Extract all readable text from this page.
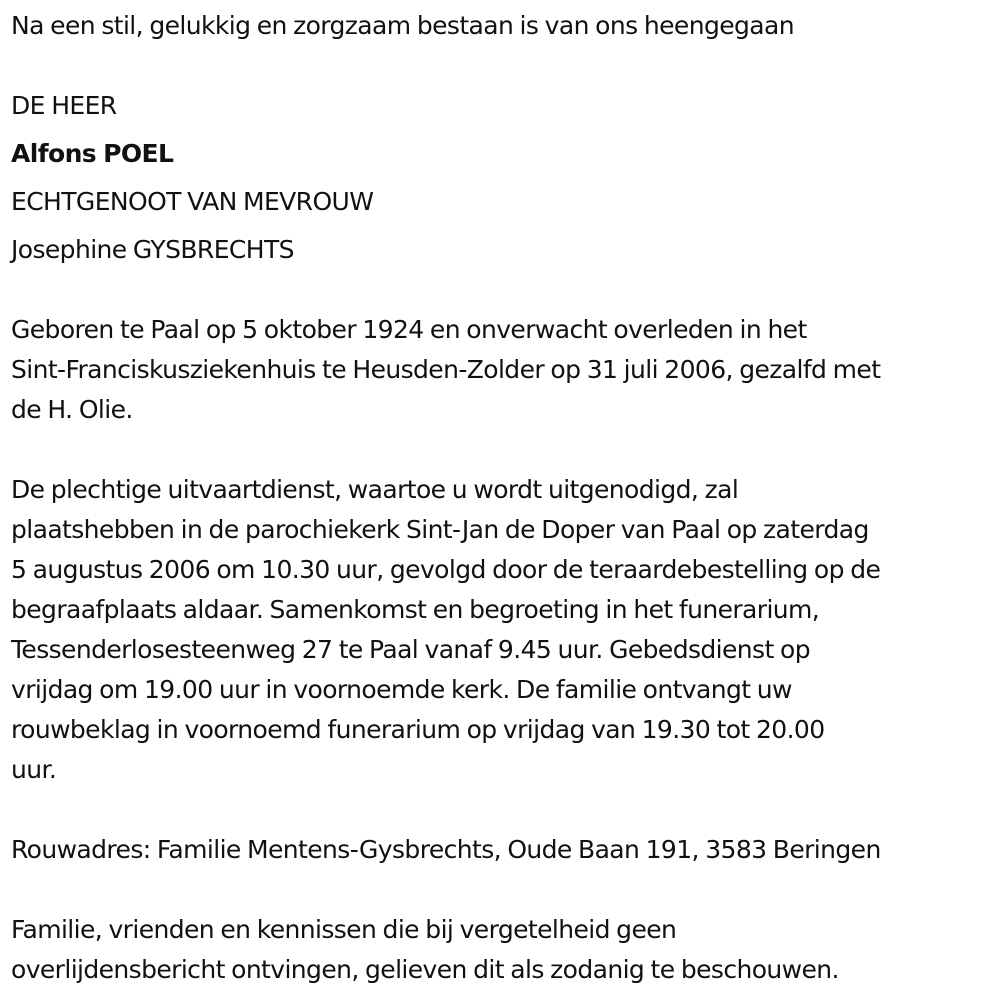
Na een stil, gelukkig en zorgzaam bestaan is van ons heengegaan
DE HEER
Alfons POEL
ECHTGENOOT VAN MEVROUW
Josephine GYSBRECHTS
Geboren te Paal op 5 oktober 1924 en onverwacht overleden in het
Sint-Franciskusziekenhuis te Heusden-Zolder op 31 juli 2006, gezalfd met
de H. Olie.
De plechtige uitvaartdienst, waartoe u wordt uitgenodigd, zal
plaatshebben in de parochiekerk Sint-Jan de Doper van Paal op zaterdag
5 augustus 2006 om 10.30 uur, gevolgd door de teraardebestelling op de
begraafplaats aldaar. Samenkomst en begroeting in het funerarium,
Tessenderlosesteenweg 27 te Paal vanaf 9.45 uur. Gebedsdienst op
vrijdag om 19.00 uur in voornoemde kerk. De familie ontvangt uw
rouwbeklag in voornoemd funerarium op vrijdag van 19.30 tot 20.00
uur.
Rouwadres: Familie Mentens-Gysbrechts, Oude Baan 191, 3583 Beringen
Familie, vrienden en kennissen die bij vergetelheid geen
overlijdensbericht ontvingen, gelieven dit als zodanig te beschouwen.
